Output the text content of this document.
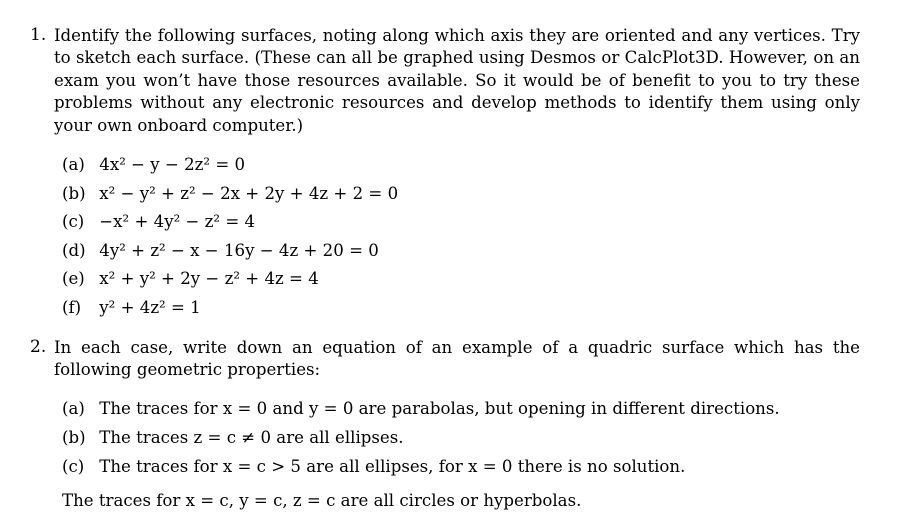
1. Identify the following surfaces, noting along which axis they are oriented and any vertices. Try to sketch each surface. (These can all be graphed using Desmos or CalcPlot3D. However, on an exam you won’t have those resources available. So it would be of benefit to you to try these problems without any electronic resources and develop methods to identify them using only your own onboard computer.)
(a) 4x² − y − 2z² = 0
(b) x² − y² + z² − 2x + 2y + 4z + 2 = 0
(c) −x² + 4y² − z² = 4
(d) 4y² + z² − x − 16y − 4z + 20 = 0
(e) x² + y² + 2y − z² + 4z = 4
(f) y² + 4z² = 1
2. In each case, write down an equation of an example of a quadric surface which has the following geometric properties:
(a) The traces for x = 0 and y = 0 are parabolas, but opening in different directions.
(b) The traces z = c ≠ 0 are all ellipses.
(c) The traces for x = c > 5 are all ellipses, for x = 0 there is no solution.
The traces for x = c, y = c, z = c are all circles or hyperbolas.
